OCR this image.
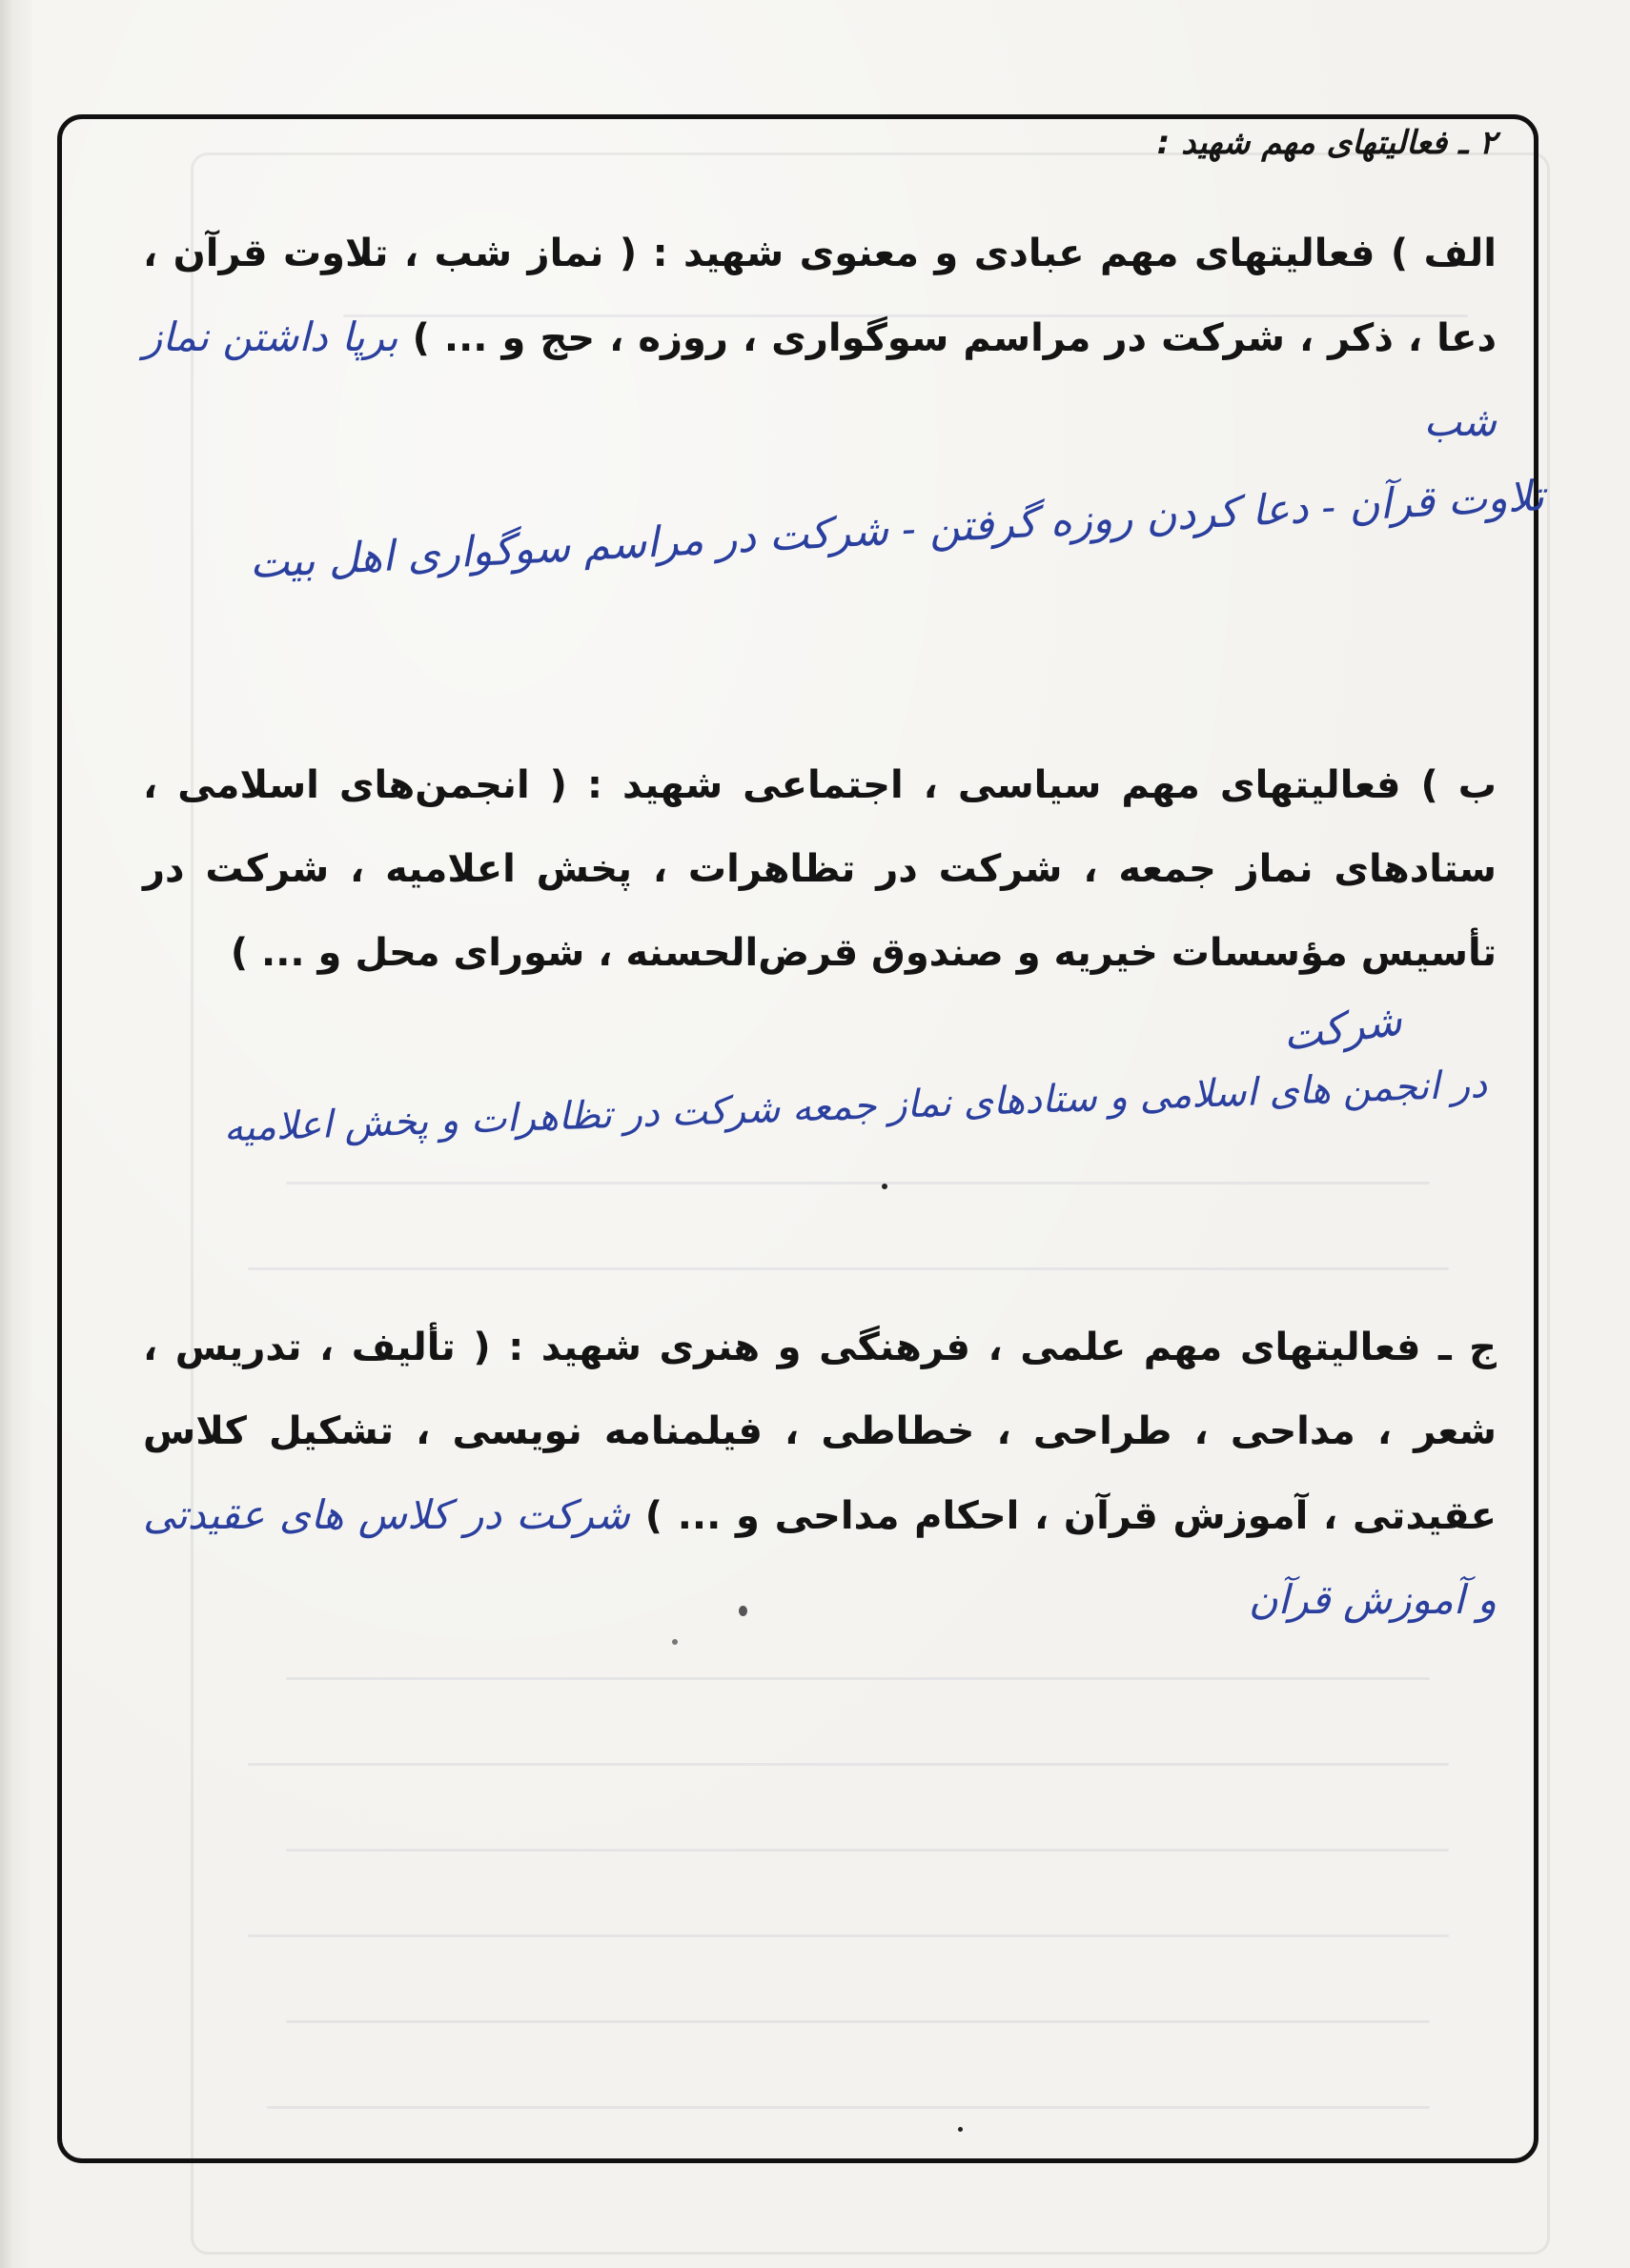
۲ ـ فعالیتهای مهم شهید :

الف ) فعالیتهای مهم عبادی و معنوی شهید : ( نماز شب ، تلاوت قرآن ، دعا ، ذکر ، شرکت در مراسم سوگواری ، روزه ، حج و ... ) برپا داشتن نماز شب

تلاوت قرآن - دعا کردن روزه گرفتن - شرکت در مراسم سوگواری اهل بیت

ب ) فعالیتهای مهم سیاسی ، اجتماعی شهید : ( انجمن‌های اسلامی ، ستادهای نماز جمعه ، شرکت در تظاهرات ، پخش اعلامیه ، شرکت در تأسیس مؤسسات خیریه و صندوق قرض‌الحسنه ، شورای محل و ... )

شرکت
در انجمن های اسلامی و ستادهای نماز جمعه شرکت در تظاهرات و پخش اعلامیه

ج ـ فعالیتهای مهم علمی ، فرهنگی و هنری شهید : ( تألیف ، تدریس ، شعر ، مداحی ، طراحی ، خطاطی ، فیلمنامه نویسی ، تشکیل کلاس عقیدتی ، آموزش قرآن ، احکام مداحی و ... ) شرکت در کلاس های عقیدتی و آموزش قرآن
